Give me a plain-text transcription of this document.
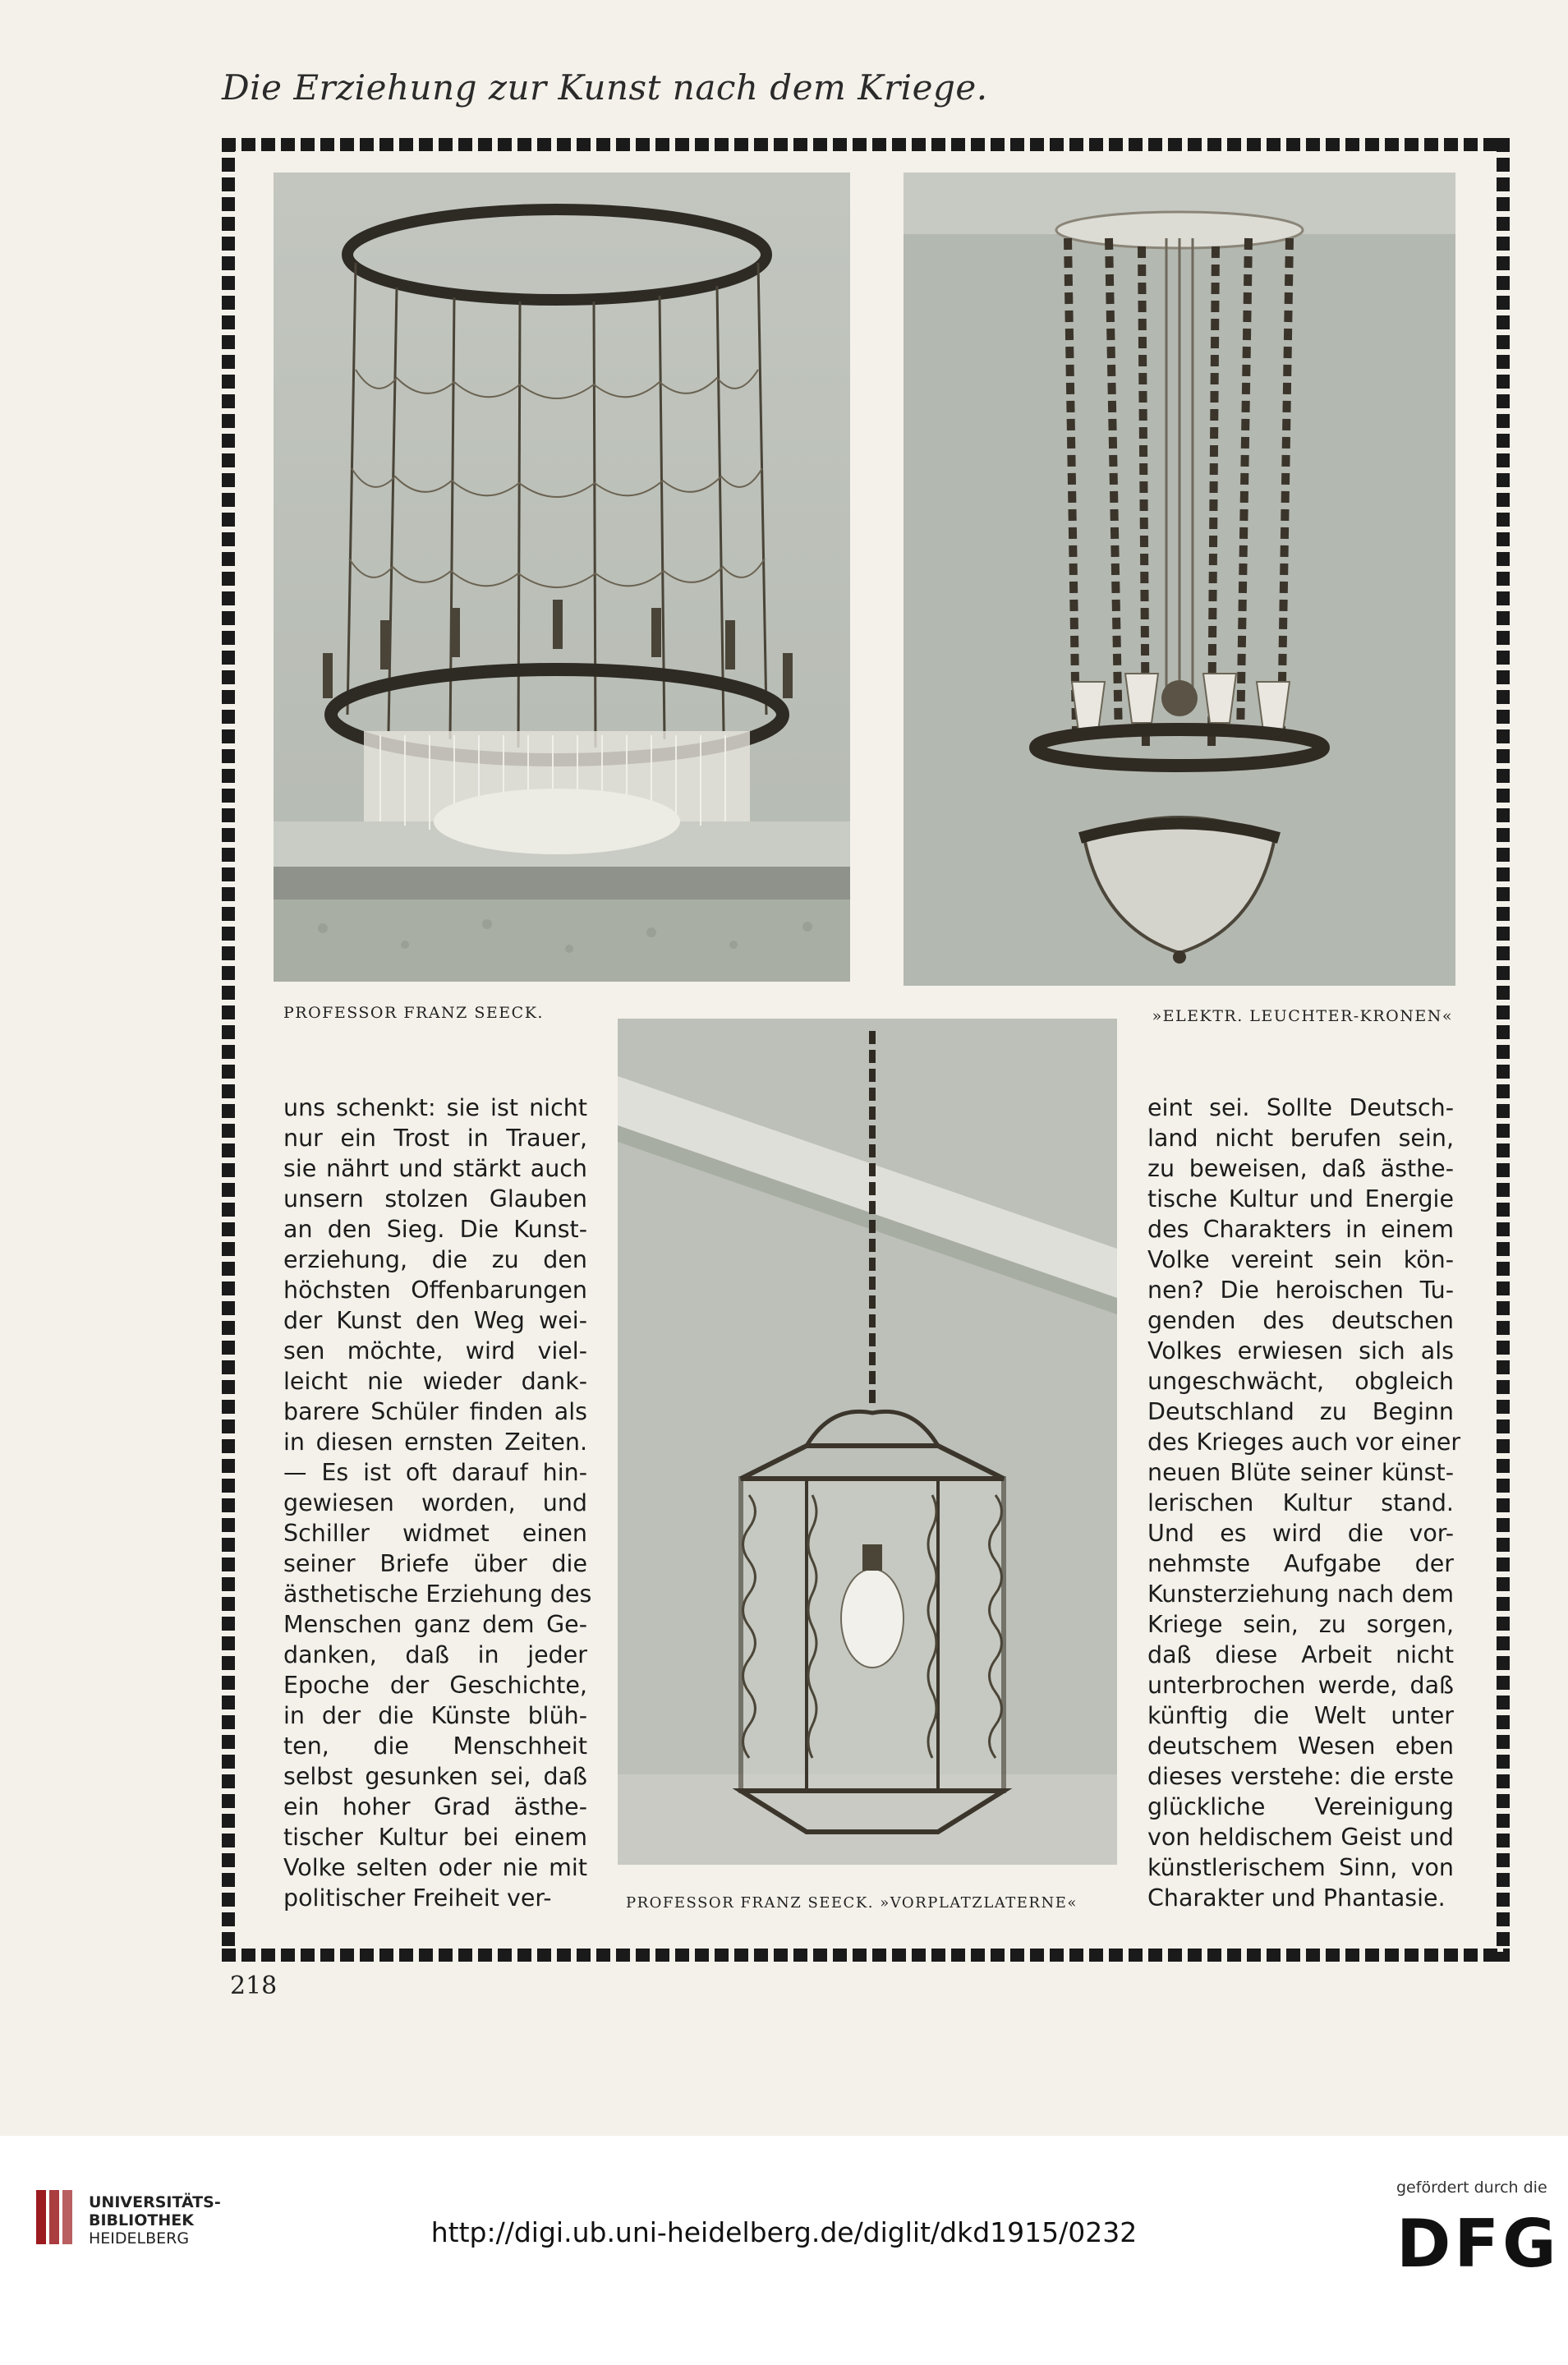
Die Erziehung zur Kunst nach dem Kriege.
PROFESSOR FRANZ SEECK.	»ELEKTR. LEUCHTER-KRONEN«
uns schenkt: sie ist nicht
nur ein Trost in Trauer,
sie nährt und stärkt auch
unsern stolzen Glauben
an den Sieg. Die Kunst-
erziehung, die zu den
höchsten Offenbarungen
der Kunst den Weg wei-
sen möchte, wird viel-
leicht nie wieder dank-
barere Schüler finden als
in diesen ernsten Zeiten.
— Es ist oft darauf hin-
gewiesen worden, und
Schiller widmet einen
seiner Briefe über die
ästhetische Erziehung des
Menschen ganz dem Ge-
danken, daß in jeder
Epoche der Geschichte,
in der die Künste blüh-
ten, die Menschheit
selbst gesunken sei, daß
ein hoher Grad ästhe-
tischer Kultur bei einem
Volke selten oder nie mit
politischer Freiheit ver-
eint sei. Sollte Deutsch-
land nicht berufen sein,
zu beweisen, daß ästhe-
tische Kultur und Energie
des Charakters in einem
Volke vereint sein kön-
nen? Die heroischen Tu-
genden des deutschen
Volkes erwiesen sich als
ungeschwächt, obgleich
Deutschland zu Beginn
des Krieges auch vor einer
neuen Blüte seiner künst-
lerischen Kultur stand.
Und es wird die vor-
nehmste Aufgabe der
Kunsterziehung nach dem
Kriege sein, zu sorgen,
daß diese Arbeit nicht
unterbrochen werde, daß
künftig die Welt unter
deutschem Wesen eben
dieses verstehe: die erste
glückliche Vereinigung
von heldischem Geist und
künstlerischem Sinn, von
Charakter und Phantasie.
PROFESSOR FRANZ SEECK. »VORPLATZLATERNE«
218
UNIVERSITÄTS-
BIBLIOTHEK
HEIDELBERG	http://digi.ub.uni-heidelberg.de/diglit/dkd1915/0232
gefördert durch die
DFG
